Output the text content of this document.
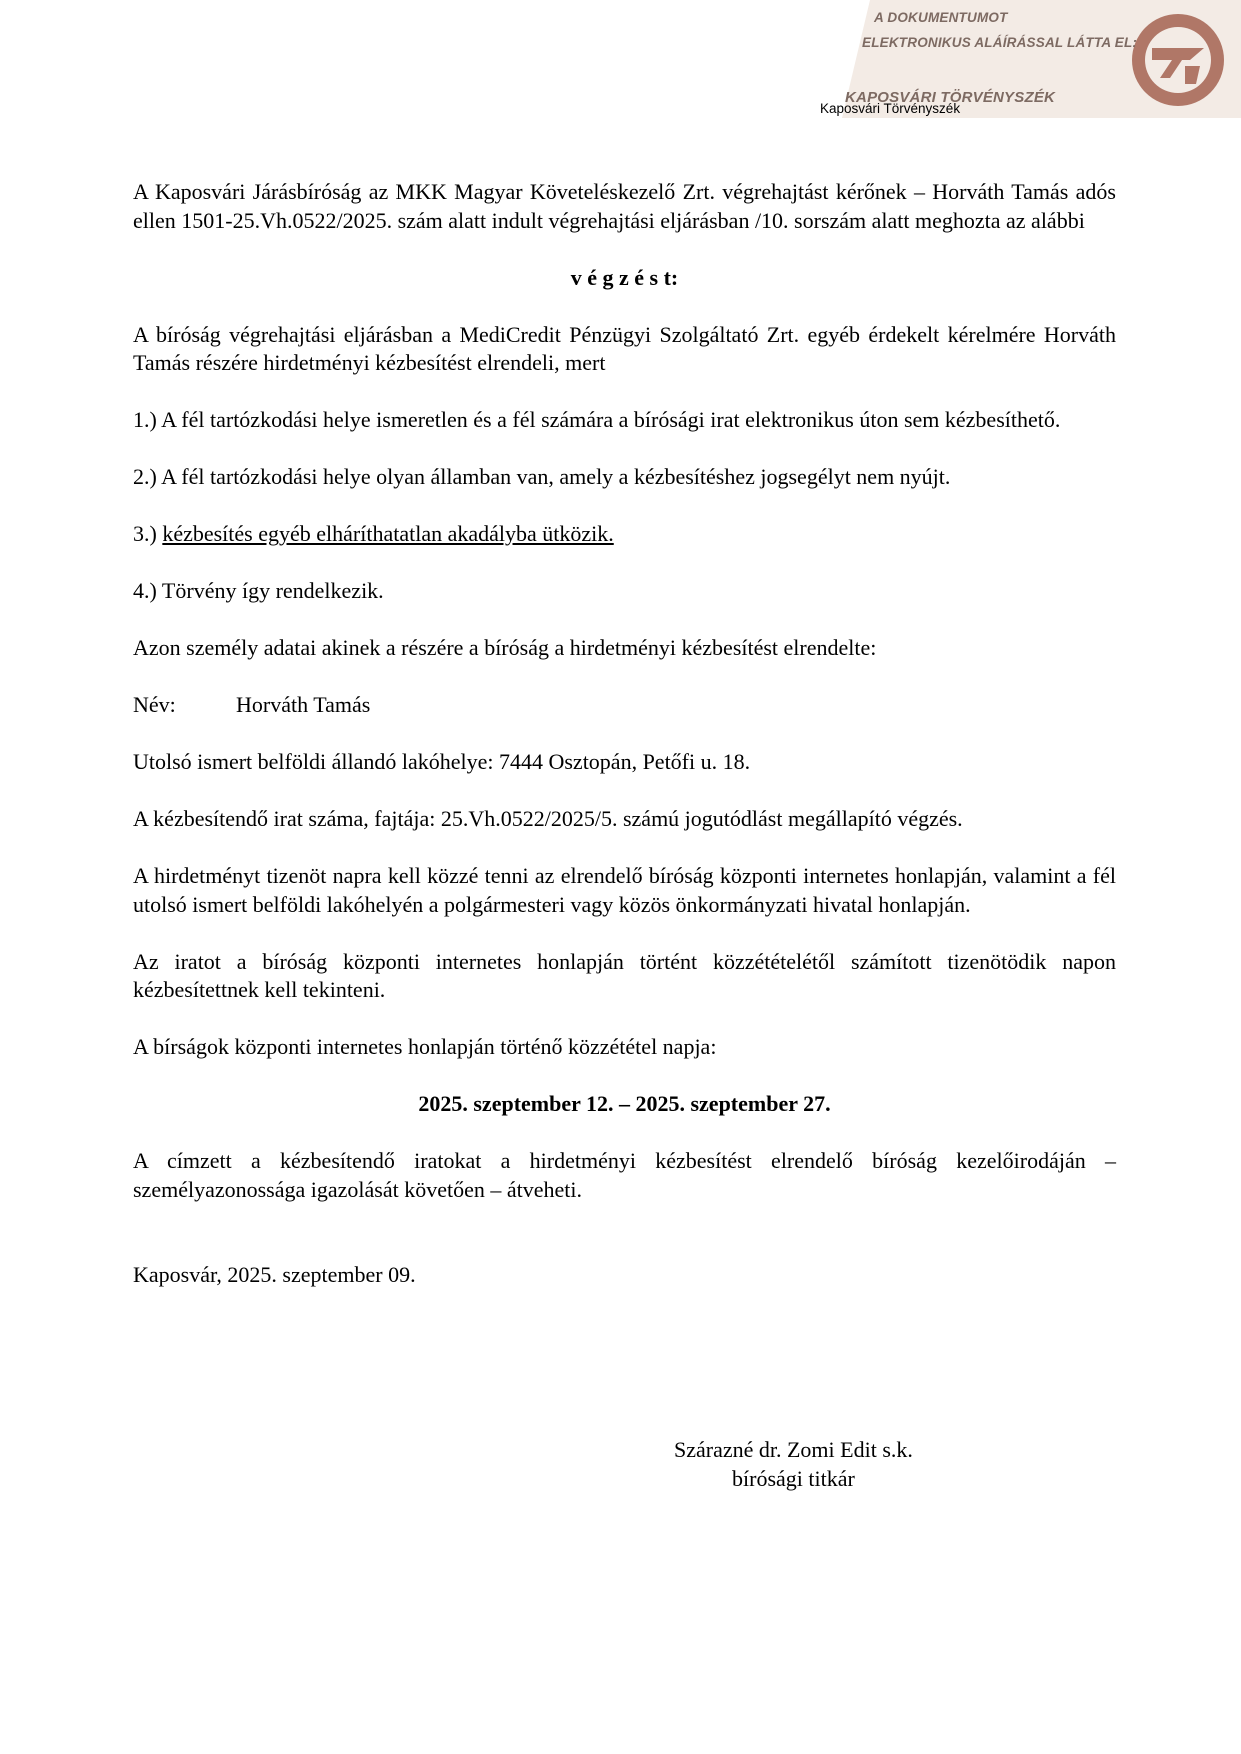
A DOKUMENTUMOT
ELEKTRONIKUS ALÁÍRÁSSAL LÁTTA EL:
KAPOSVÁRI TÖRVÉNYSZÉK
Kaposvári Törvényszék

A Kaposvári Járásbíróság az MKK Magyar Követeléskezelő Zrt. végrehajtást kérőnek – Horváth Tamás adós ellen 1501-25.Vh.0522/2025. szám alatt indult végrehajtási eljárásban /10. sorszám alatt meghozta az alábbi

v é g z é s t:

A bíróság végrehajtási eljárásban a MediCredit Pénzügyi Szolgáltató Zrt. egyéb érdekelt kérelmére Horváth Tamás részére hirdetményi kézbesítést elrendeli, mert

1.) A fél tartózkodási helye ismeretlen és a fél számára a bírósági irat elektronikus úton sem kézbesíthető.

2.) A fél tartózkodási helye olyan államban van, amely a kézbesítéshez jogsegélyt nem nyújt.

3.) kézbesítés egyéb elháríthatatlan akadályba ütközik.

4.) Törvény így rendelkezik.

Azon személy adatai akinek a részére a bíróság a hirdetményi kézbesítést elrendelte:

Név:	Horváth Tamás

Utolsó ismert belföldi állandó lakóhelye: 7444 Osztopán, Petőfi u. 18.

A kézbesítendő irat száma, fajtája: 25.Vh.0522/2025/5. számú jogutódlást megállapító végzés.

A hirdetményt tizenöt napra kell közzé tenni az elrendelő bíróság központi internetes honlapján, valamint a fél utolsó ismert belföldi lakóhelyén a polgármesteri vagy közös önkormányzati hivatal honlapján.

Az iratot a bíróság központi internetes honlapján történt közzétételétől számított tizenötödik napon kézbesítettnek kell tekinteni.

A bírságok központi internetes honlapján történő közzététel napja:

2025. szeptember 12. – 2025. szeptember 27.

A címzett a kézbesítendő iratokat a hirdetményi kézbesítést elrendelő bíróság kezelőirodáján – személyazonossága igazolását követően – átveheti.

Kaposvár, 2025. szeptember 09.

Szárazné dr. Zomi Edit s.k.
bírósági titkár
